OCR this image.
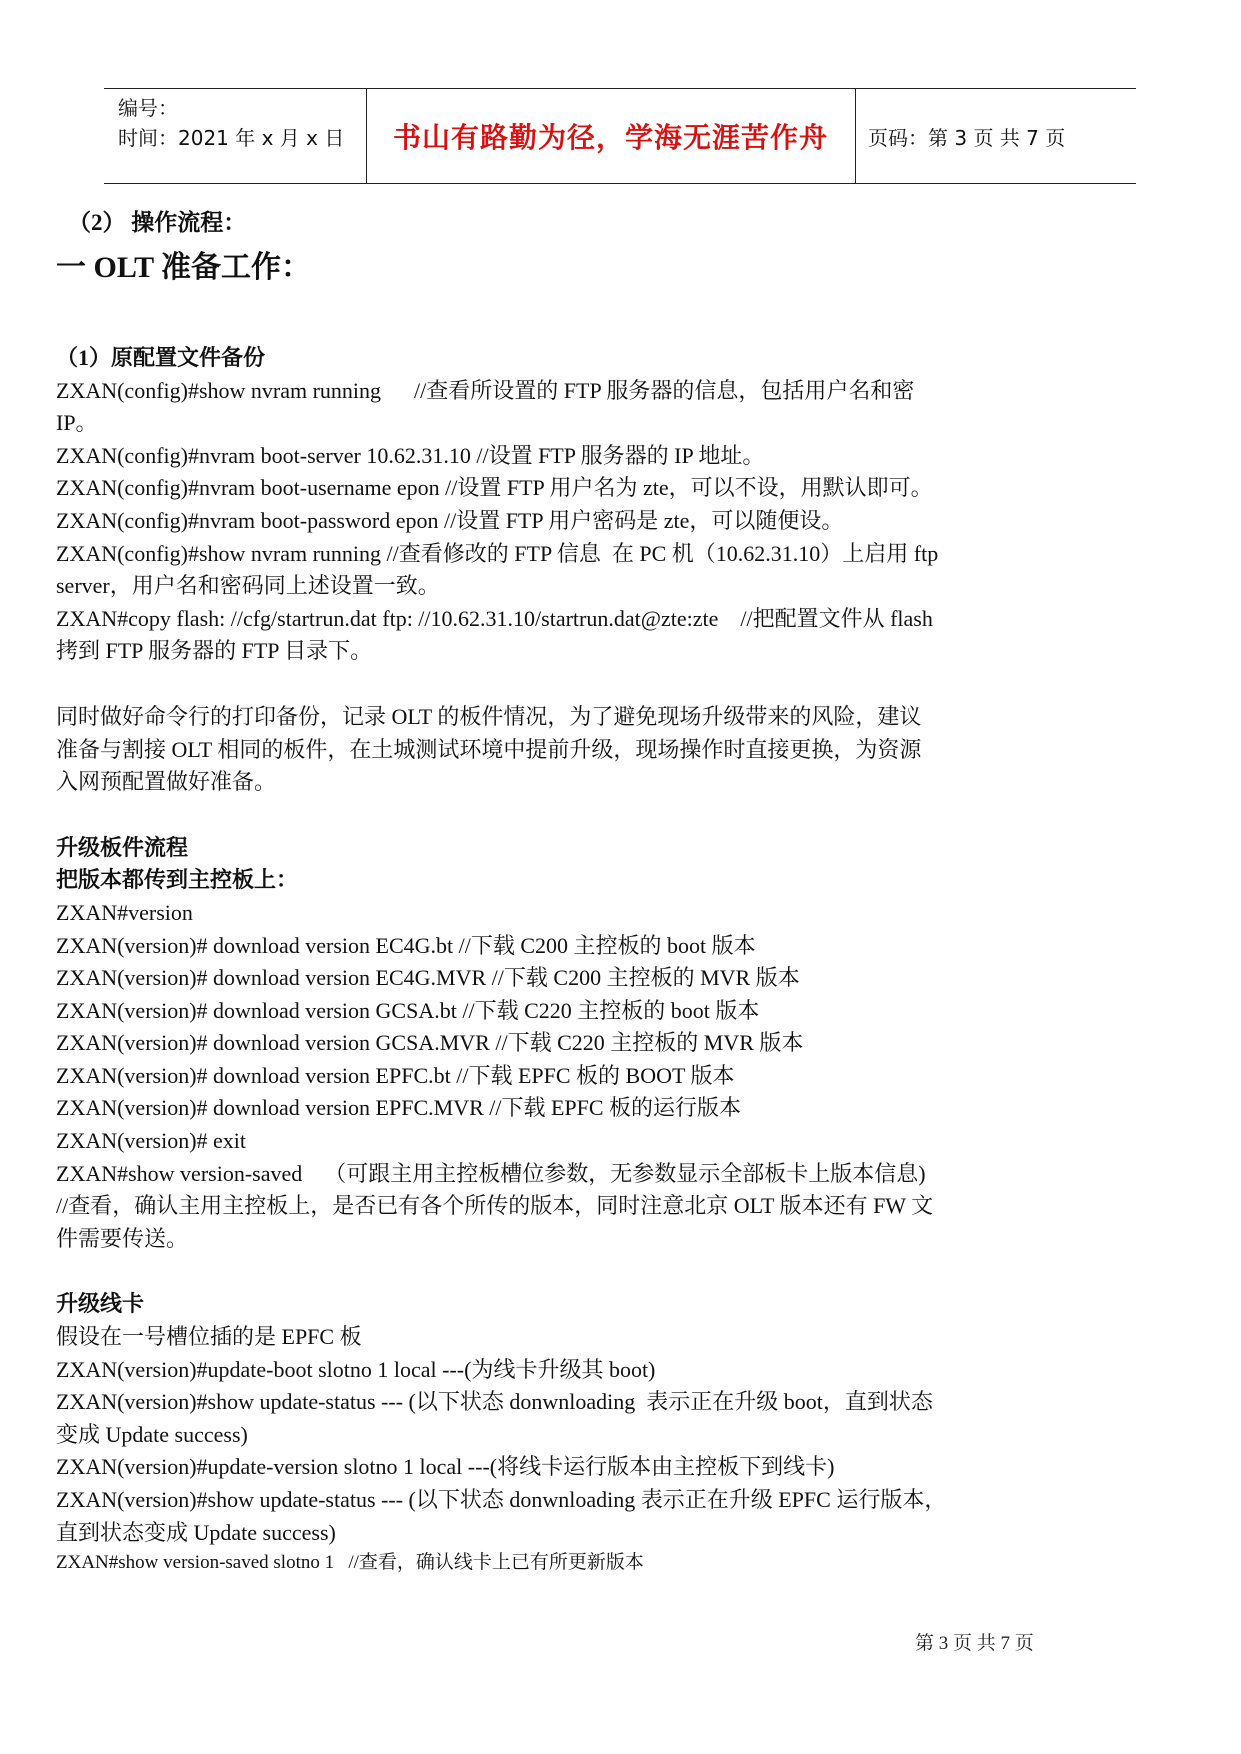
编号：
时间：2021 年 x 月 x 日	书山有路勤为径，学海无涯苦作舟	页码：第 3 页 共 7 页

（2） 操作流程：

一 OLT 准备工作：

（1）原配置文件备份

ZXAN(config)#show nvram running      //查看所设置的 FTP 服务器的信息，包括用户名和密
IP。

ZXAN(config)#nvram boot-server 10.62.31.10 //设置 FTP 服务器的 IP 地址。

ZXAN(config)#nvram boot-username epon //设置 FTP 用户名为 zte，可以不设，用默认即可。

ZXAN(config)#nvram boot-password epon //设置 FTP 用户密码是 zte，可以随便设。

ZXAN(config)#show nvram running //查看修改的 FTP 信息  在 PC 机（10.62.31.10）上启用 ftp
server，用户名和密码同上述设置一致。

ZXAN#copy flash: //cfg/startrun.dat ftp: //10.62.31.10/startrun.dat@zte:zte    //把配置文件从 flash
拷到 FTP 服务器的 FTP 目录下。

同时做好命令行的打印备份，记录 OLT 的板件情况，为了避免现场升级带来的风险，建议
准备与割接 OLT 相同的板件，在土城测试环境中提前升级，现场操作时直接更换，为资源
入网预配置做好准备。

升级板件流程

把版本都传到主控板上：

ZXAN#version

ZXAN(version)# download version EC4G.bt //下载 C200 主控板的 boot 版本

ZXAN(version)# download version EC4G.MVR //下载 C200 主控板的 MVR 版本

ZXAN(version)# download version GCSA.bt //下载 C220 主控板的 boot 版本

ZXAN(version)# download version GCSA.MVR //下载 C220 主控板的 MVR 版本

ZXAN(version)# download version EPFC.bt //下载 EPFC 板的 BOOT 版本

ZXAN(version)# download version EPFC.MVR //下载 EPFC 板的运行版本

ZXAN(version)# exit

ZXAN#show version-saved    （可跟主用主控板槽位参数，无参数显示全部板卡上版本信息)
//查看，确认主用主控板上，是否已有各个所传的版本，同时注意北京 OLT 版本还有 FW 文
件需要传送。

升级线卡

假设在一号槽位插的是 EPFC 板

ZXAN(version)#update-boot slotno 1 local ---(为线卡升级其 boot)

ZXAN(version)#show update-status --- (以下状态 donwnloading  表示正在升级 boot，直到状态
变成 Update success)

ZXAN(version)#update-version slotno 1 local ---(将线卡运行版本由主控板下到线卡)

ZXAN(version)#show update-status --- (以下状态 donwnloading 表示正在升级 EPFC 运行版本，
直到状态变成 Update success)

ZXAN#show version-saved slotno 1   //查看，确认线卡上已有所更新版本

第 3 页 共 7 页
